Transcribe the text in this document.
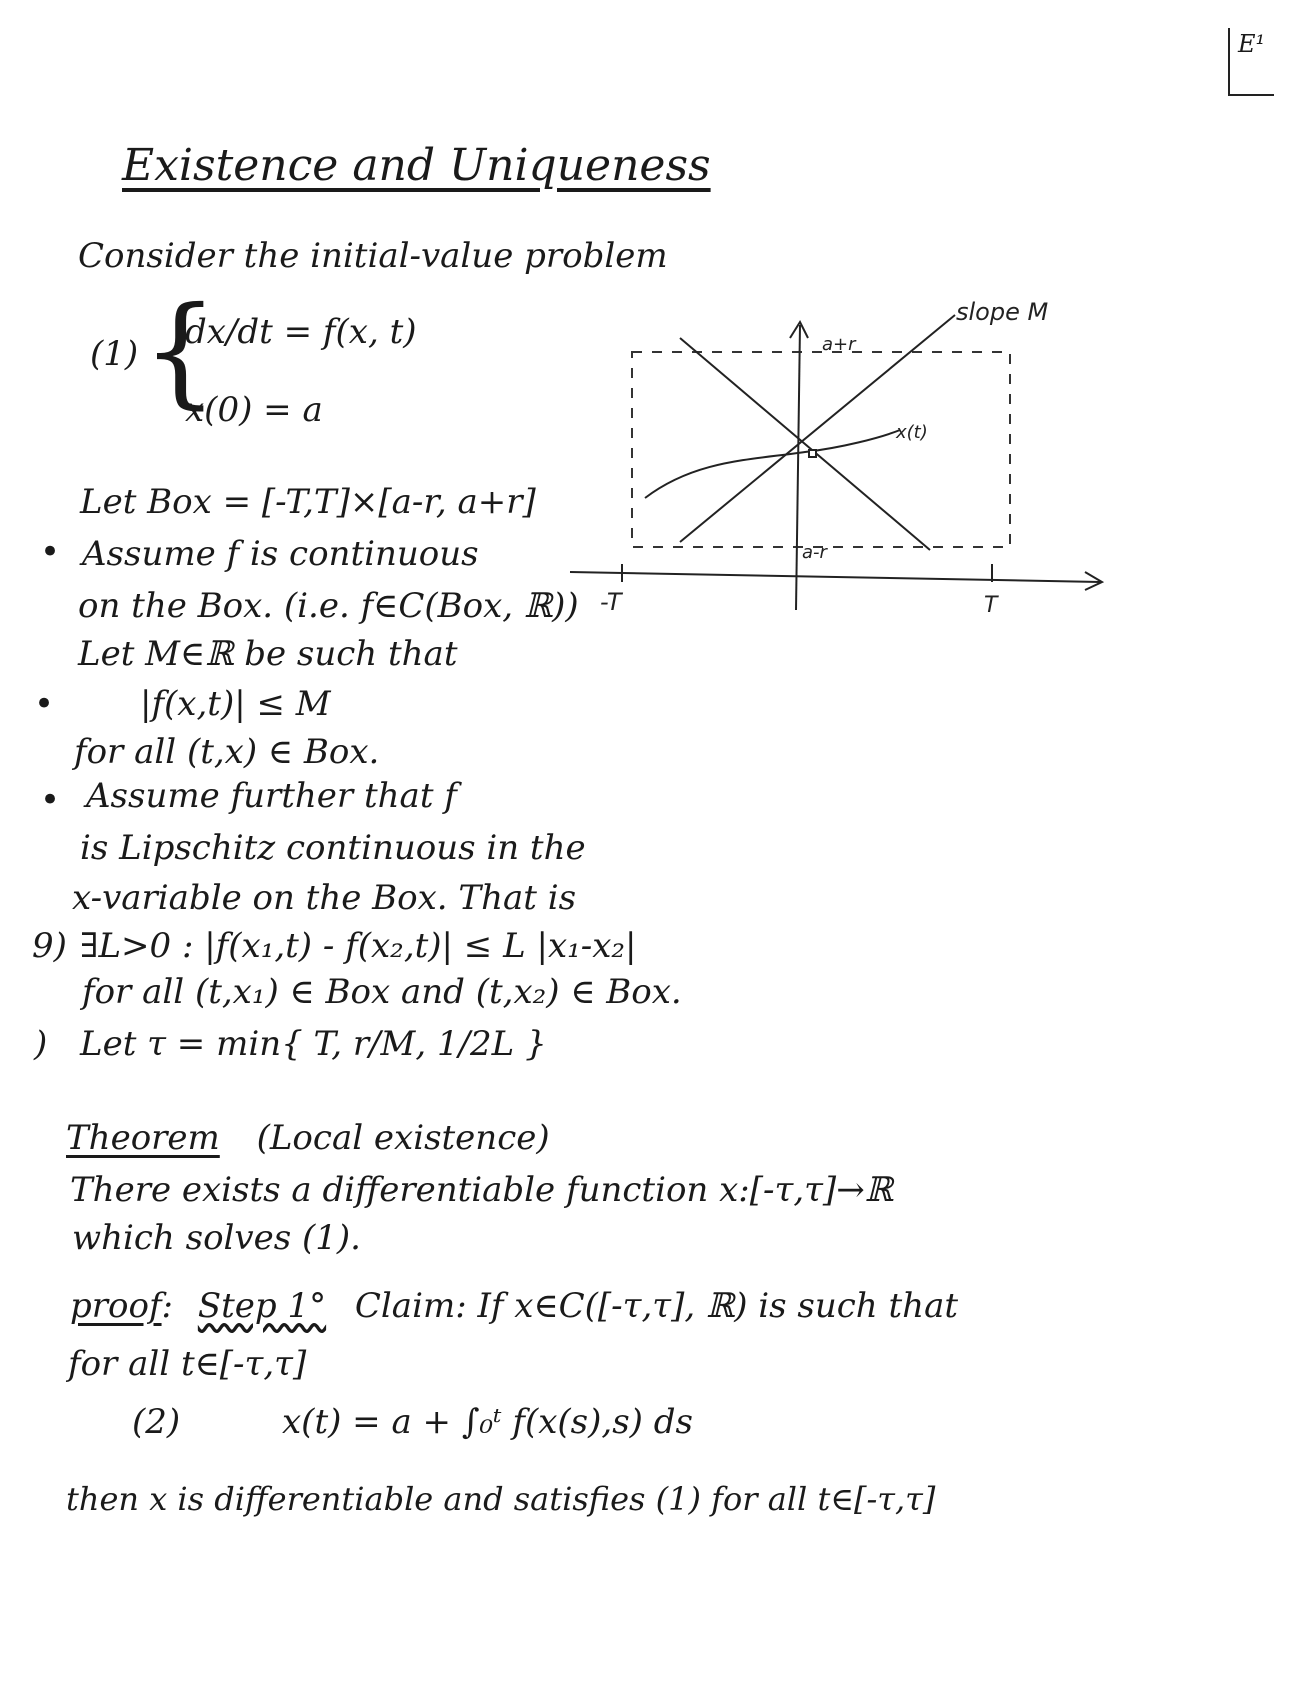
E¹
Existence and Uniqueness
Consider the initial-value problem
(1) {
dx/dt = f(x, t)
x(0) = a
slope M
a+r
a-r
x(t)
-T	T
Let Box = [-T,T]×[a-r, a+r]
• Assume f is continuous
on the Box. (i.e. f∈C(Box, ℝ))
Let M∈ℝ be such that
•	|f(x,t)| ≤ M
for all (t,x) ∈ Box.
• Assume further that f
is Lipschitz continuous in the
x-variable on the Box. That is
9) ∃L>0 : |f(x₁,t) - f(x₂,t)| ≤ L |x₁-x₂|
for all (t,x₁) ∈ Box and (t,x₂) ∈ Box.
) Let τ = min{ T, r/M, 1/2L }
Theorem (Local existence)
There exists a differentiable function x:[-τ,τ]→ℝ
which solves (1).
proof: Step 1° Claim: If x∈C([-τ,τ], ℝ) is such that
for all t∈[-τ,τ]
(2)	x(t) = a + ∫₀ᵗ f(x(s),s) ds
then x is differentiable and satisfies (1) for all t∈[-τ,τ]
